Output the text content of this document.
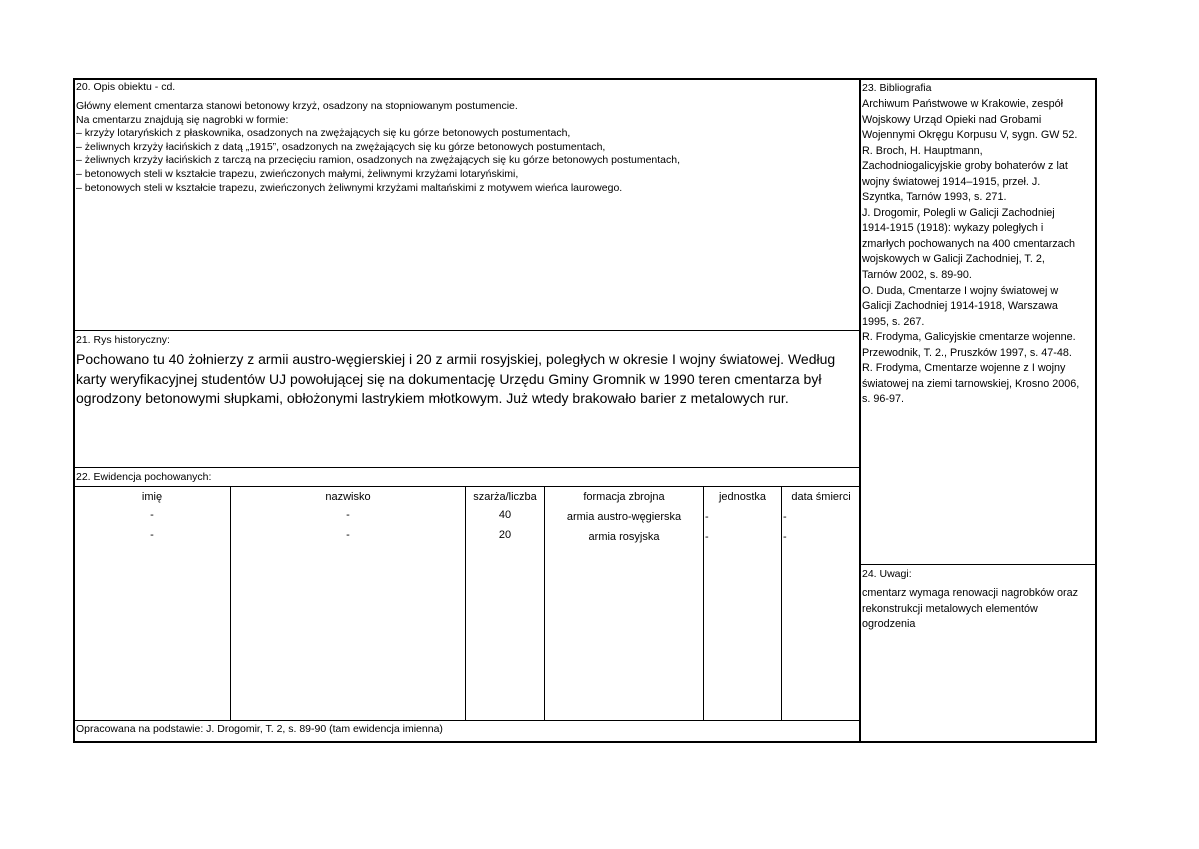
20. Opis obiektu - cd.
Główny element cmentarza stanowi betonowy krzyż, osadzony na stopniowanym postumencie.
Na cmentarzu znajdują się nagrobki w formie:
– krzyży lotaryńskich z płaskownika, osadzonych na zwężających się ku górze betonowych postumentach,
– żeliwnych krzyży łacińskich z datą „1915”, osadzonych na zwężających się ku górze betonowych postumentach,
– żeliwnych krzyży łacińskich z tarczą na przecięciu ramion, osadzonych na zwężających się ku górze betonowych postumentach,
– betonowych steli w kształcie trapezu, zwieńczonych małymi, żeliwnymi krzyżami lotaryńskimi,
– betonowych steli w kształcie trapezu, zwieńczonych żeliwnymi krzyżami maltańskimi z motywem wieńca laurowego.
21. Rys historyczny:
Pochowano tu 40 żołnierzy z armii austro-węgierskiej i 20 z armii rosyjskiej, poległych w okresie I wojny światowej. Według karty weryfikacyjnej studentów UJ powołującej się na dokumentację Urzędu Gminy Gromnik w 1990 teren cmentarza był ogrodzony betonowymi słupkami, obłożonymi lastrykiem młotkowym. Już wtedy brakowało barier z metalowych rur.
22. Ewidencja pochowanych:
imię	nazwisko	szarża/liczba	formacja zbrojna	jednostka	data śmierci
-	-	40	armia austro-węgierska	-	-
-	-	20	armia rosyjska	-	-
Opracowana na podstawie: J. Drogomir, T. 2, s. 89-90 (tam ewidencja imienna)
23. Bibliografia
Archiwum Państwowe w Krakowie, zespół
Wojskowy Urząd Opieki nad Grobami
Wojennymi Okręgu Korpusu V, sygn. GW 52.
R. Broch, H. Hauptmann,
Zachodniogalicyjskie groby bohaterów z lat
wojny światowej 1914–1915, przeł. J.
Szyntka, Tarnów 1993, s. 271.
J. Drogomir, Polegli w Galicji Zachodniej
1914-1915 (1918): wykazy poległych i
zmarłych pochowanych na 400 cmentarzach
wojskowych w Galicji Zachodniej, T. 2,
Tarnów 2002, s. 89-90.
O. Duda, Cmentarze I wojny światowej w
Galicji Zachodniej 1914-1918, Warszawa
1995, s. 267.
R. Frodyma, Galicyjskie cmentarze wojenne.
Przewodnik, T. 2., Pruszków 1997, s. 47-48.
R. Frodyma, Cmentarze wojenne z I wojny
światowej na ziemi tarnowskiej, Krosno 2006,
s. 96-97.
24. Uwagi:
cmentarz wymaga renowacji nagrobków oraz
rekonstrukcji metalowych elementów
ogrodzenia
